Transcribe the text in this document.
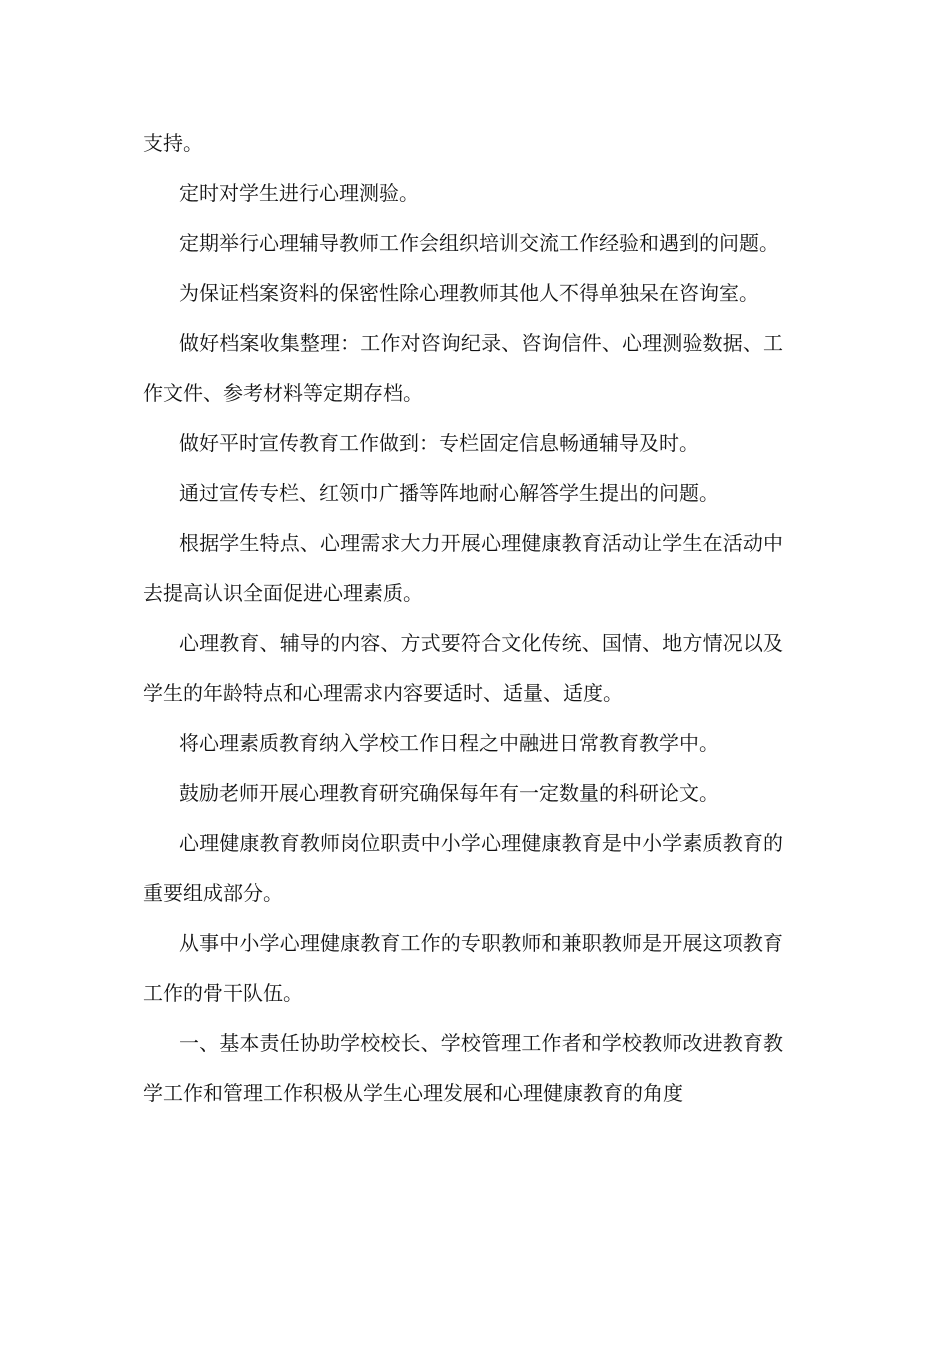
支持。

定时对学生进行心理测验。

定期举行心理辅导教师工作会组织培训交流工作经验和遇到的问题。

为保证档案资料的保密性除心理教师其他人不得单独呆在咨询室。

做好档案收集整理：工作对咨询纪录、咨询信件、心理测验数据、工作文件、参考材料等定期存档。

做好平时宣传教育工作做到：专栏固定信息畅通辅导及时。

通过宣传专栏、红领巾广播等阵地耐心解答学生提出的问题。

根据学生特点、心理需求大力开展心理健康教育活动让学生在活动中去提高认识全面促进心理素质。

心理教育、辅导的内容、方式要符合文化传统、国情、地方情况以及学生的年龄特点和心理需求内容要适时、适量、适度。

将心理素质教育纳入学校工作日程之中融进日常教育教学中。

鼓励老师开展心理教育研究确保每年有一定数量的科研论文。

心理健康教育教师岗位职责中小学心理健康教育是中小学素质教育的重要组成部分。

从事中小学心理健康教育工作的专职教师和兼职教师是开展这项教育工作的骨干队伍。

一、基本责任协助学校校长、学校管理工作者和学校教师改进教育教学工作和管理工作积极从学生心理发展和心理健康教育的角度
